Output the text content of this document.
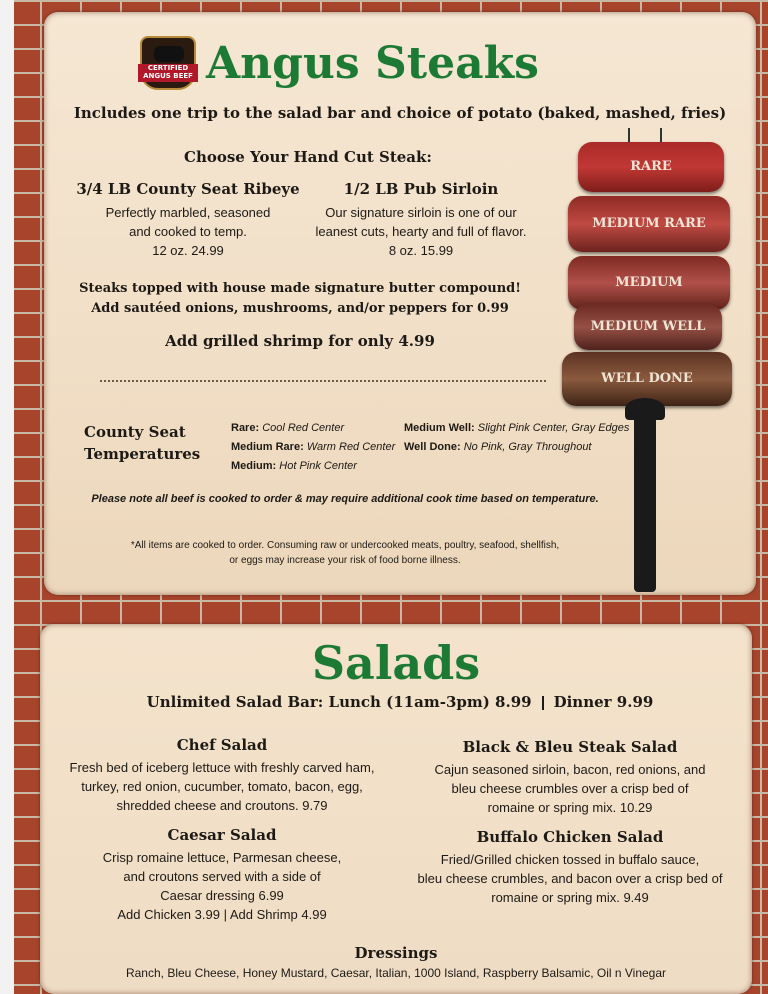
CERTIFIED
ANGUS BEEF Angus Steaks
Includes one trip to the salad bar and choice of potato (baked, mashed, fries)
Choose Your Hand Cut Steak:
3/4 LB County Seat Ribeye
Perfectly marbled, seasoned
and cooked to temp.
12 oz. 24.99
1/2 LB Pub Sirloin
Our signature sirloin is one of our
leanest cuts, hearty and full of flavor.
8 oz. 15.99
Steaks topped with house made signature butter compound!
Add sautéed onions, mushrooms, and/or peppers for 0.99
Add grilled shrimp for only 4.99
County Seat
Temperatures
Rare: Cool Red Center
Medium Rare: Warm Red Center
Medium: Hot Pink Center
Medium Well: Slight Pink Center, Gray Edges
Well Done: No Pink, Gray Throughout
Please note all beef is cooked to order & may require additional cook time based on temperature.
*All items are cooked to order. Consuming raw or undercooked meats, poultry, seafood, shellfish,
or eggs may increase your risk of food borne illness.
RARE
MEDIUM RARE
MEDIUM
MEDIUM WELL
WELL DONE
Salads
Unlimited Salad Bar: Lunch (11am-3pm) 8.99 Dinner 9.99
Chef Salad
Fresh bed of iceberg lettuce with freshly carved ham,
turkey, red onion, cucumber, tomato, bacon, egg,
shredded cheese and croutons. 9.79
Black & Bleu Steak Salad
Cajun seasoned sirloin, bacon, red onions, and
bleu cheese crumbles over a crisp bed of
romaine or spring mix. 10.29
Caesar Salad
Crisp romaine lettuce, Parmesan cheese,
and croutons served with a side of
Caesar dressing 6.99
Add Chicken 3.99 | Add Shrimp 4.99
Buffalo Chicken Salad
Fried/Grilled chicken tossed in buffalo sauce,
bleu cheese crumbles, and bacon over a crisp bed of
romaine or spring mix. 9.49
Dressings
Ranch, Bleu Cheese, Honey Mustard, Caesar, Italian, 1000 Island, Raspberry Balsamic, Oil n Vinegar
